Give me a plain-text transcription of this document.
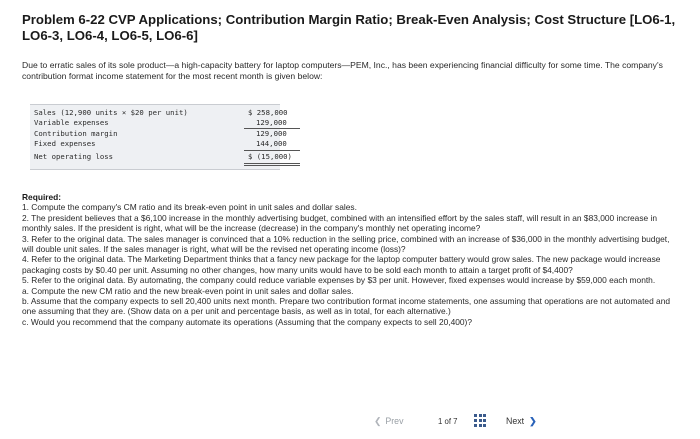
Problem 6-22 CVP Applications; Contribution Margin Ratio; Break-Even Analysis; Cost Structure [LO6-1, LO6-3, LO6-4, LO6-5, LO6-6]
Due to erratic sales of its sole product—a high-capacity battery for laptop computers—PEM, Inc., has been experiencing financial difficulty for some time. The company's contribution format income statement for the most recent month is given below:
Sales (12,900 units × $20 per unit)
Variable expenses
Contribution margin
Fixed expenses
Net operating loss
$ 258,000
129,000
129,000
144,000
$ (15,000)
Required:
1. Compute the company's CM ratio and its break-even point in unit sales and dollar sales.
2. The president believes that a $6,100 increase in the monthly advertising budget, combined with an intensified effort by the sales staff, will result in an $83,000 increase in monthly sales. If the president is right, what will be the increase (decrease) in the company's monthly net operating income?
3. Refer to the original data. The sales manager is convinced that a 10% reduction in the selling price, combined with an increase of $36,000 in the monthly advertising budget, will double unit sales. If the sales manager is right, what will be the revised net operating income (loss)?
4. Refer to the original data. The Marketing Department thinks that a fancy new package for the laptop computer battery would grow sales. The new package would increase packaging costs by $0.40 per unit. Assuming no other changes, how many units would have to be sold each month to attain a target profit of $4,400?
5. Refer to the original data. By automating, the company could reduce variable expenses by $3 per unit. However, fixed expenses would increase by $59,000 each month.
a. Compute the new CM ratio and the new break-even point in unit sales and dollar sales.
b. Assume that the company expects to sell 20,400 units next month. Prepare two contribution format income statements, one assuming that operations are not automated and one assuming that they are. (Show data on a per unit and percentage basis, as well as in total, for each alternative.)
c. Would you recommend that the company automate its operations (Assuming that the company expects to sell 20,400)?
❮ Prev	1 of 7	Next ❯
